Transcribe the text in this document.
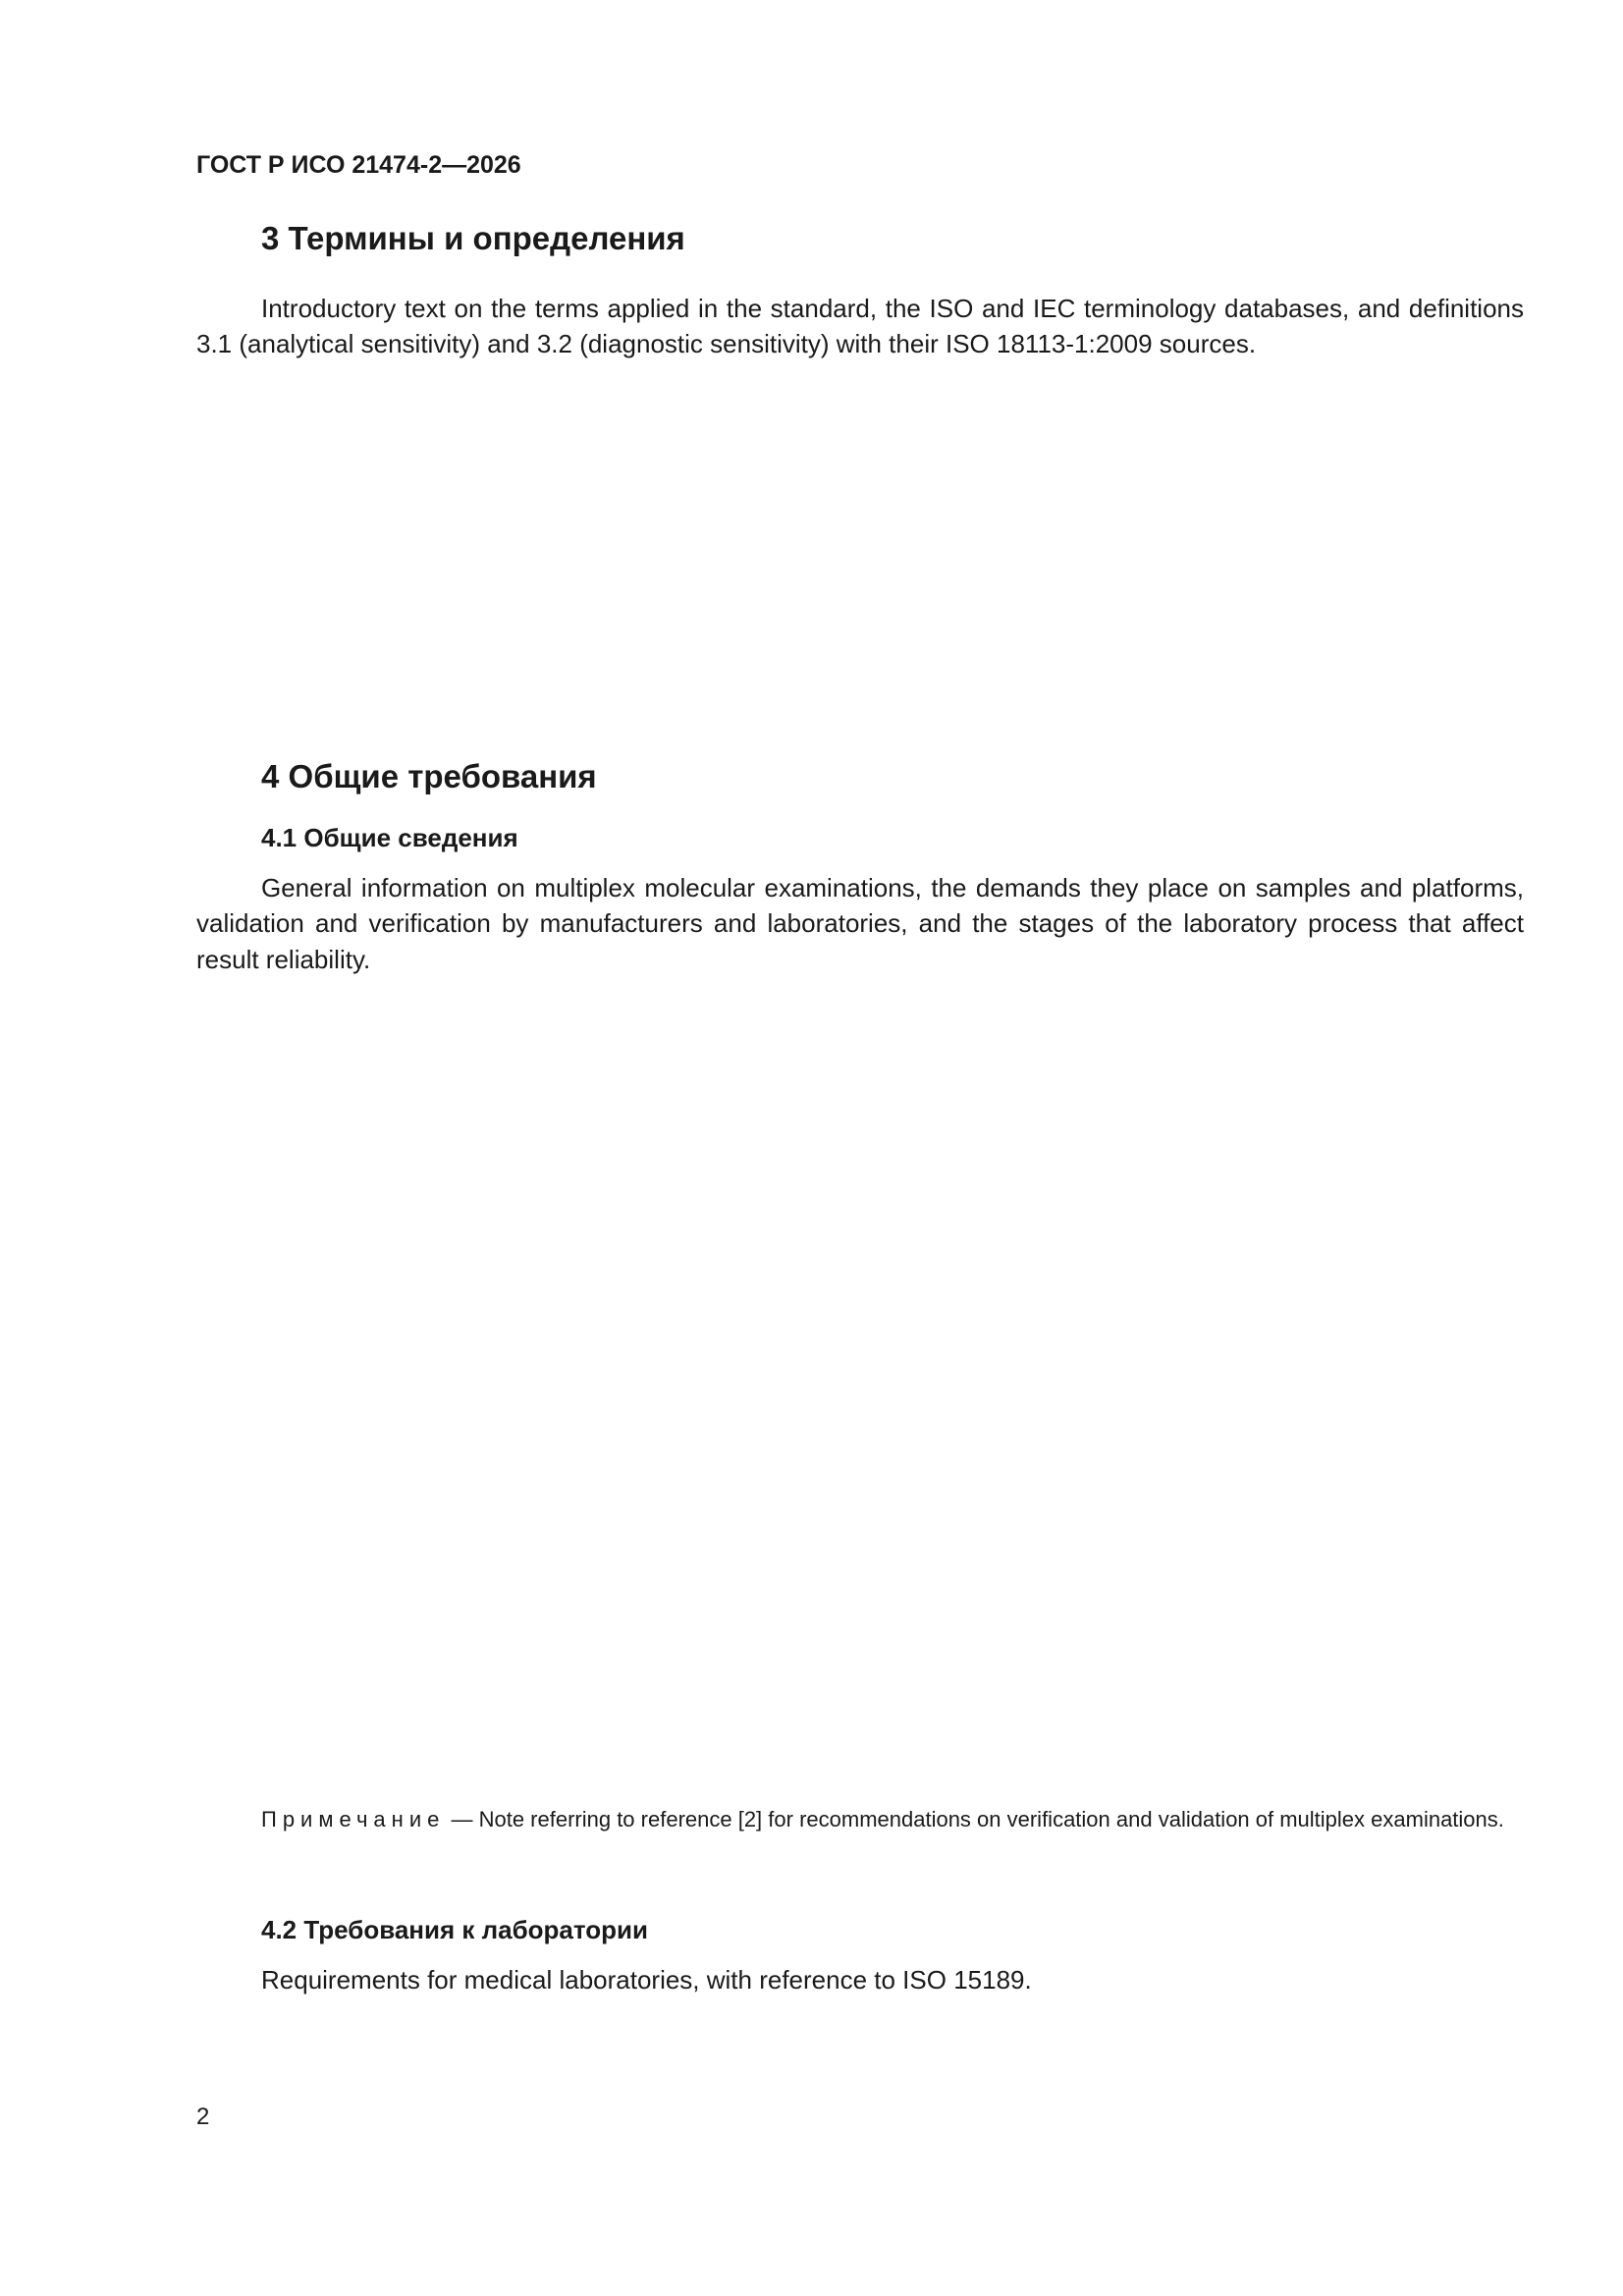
ГОСТ Р ИСО 21474-2—2026
3 Термины и определения

Introductory text on the terms applied in the standard, the ISO and IEC terminology databases, and definitions 3.1 (analytical sensitivity) and 3.2 (diagnostic sensitivity) with their ISO 18113-1:2009 sources.

4 Общие требования
4.1 Общие сведения

General information on multiplex molecular examinations, the demands they place on samples and platforms, validation and verification by manufacturers and laboratories, and the stages of the laboratory process that affect result reliability.

Примечание — Note referring to reference [2] for recommendations on verification and validation of multiplex examinations.
4.2 Требования к лаборатории

Requirements for medical laboratories, with reference to ISO 15189.

2
